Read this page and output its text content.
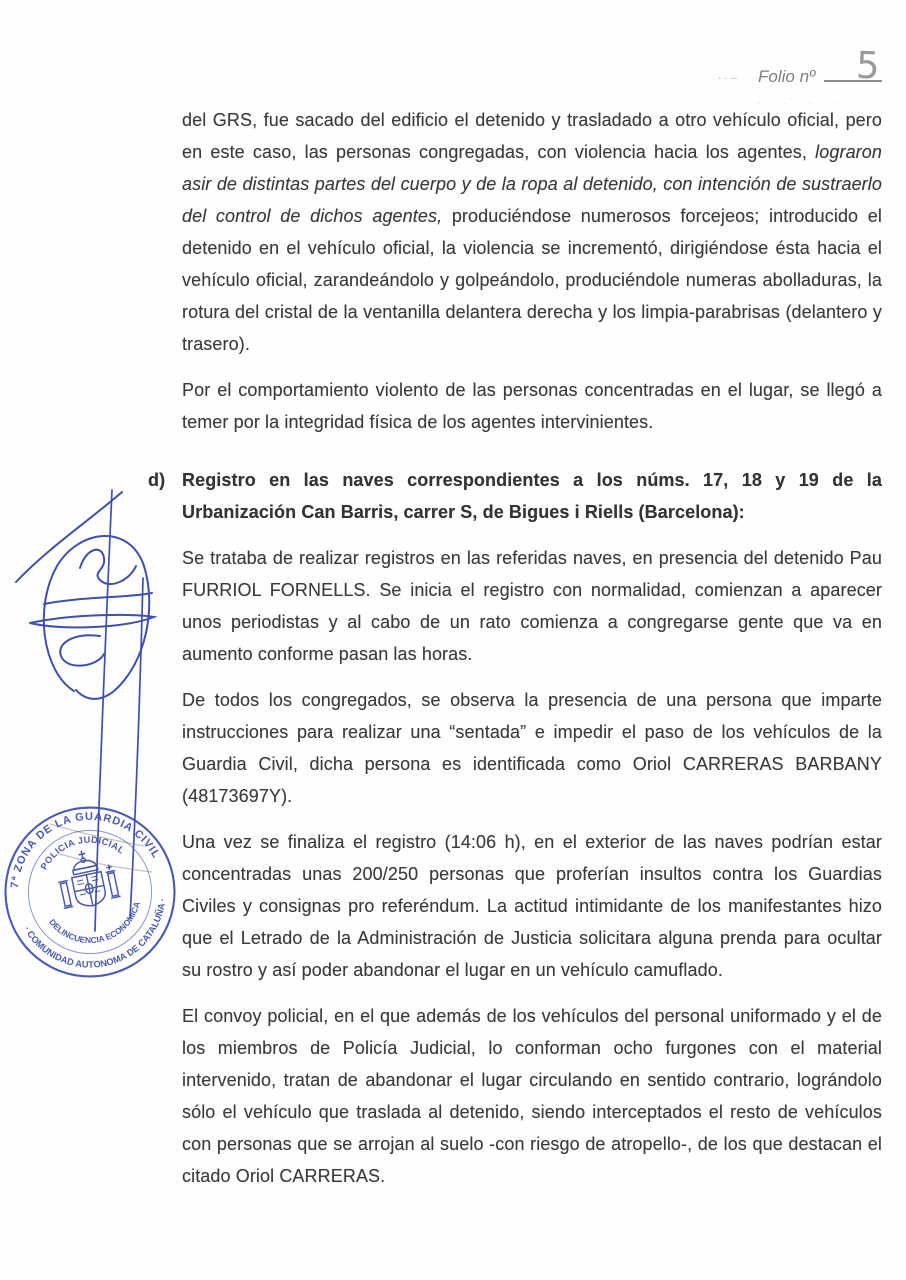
··– Folio nº 5
· · · ·

del GRS, fue sacado del edificio el detenido y trasladado a otro vehículo oficial, pero en este caso, las personas congregadas, con violencia hacia los agentes, lograron asir de distintas partes del cuerpo y de la ropa al detenido, con intención de sustraerlo del control de dichos agentes, produciéndose numerosos forcejeos; introducido el detenido en el vehículo oficial, la violencia se incrementó, dirigiéndose ésta hacia el vehículo oficial, zarandeándolo y golpeándolo, produciéndole numeras abolladuras, la rotura del cristal de la ventanilla delantera derecha y los limpia-parabrisas (delantero y trasero).

Por el comportamiento violento de las personas concentradas en el lugar, se llegó a temer por la integridad física de los agentes intervinientes.

d) Registro en las naves correspondientes a los núms. 17, 18 y 19 de la Urbanización Can Barris, carrer S, de Bigues i Riells (Barcelona):

Se trataba de realizar registros en las referidas naves, en presencia del detenido Pau FURRIOL FORNELLS. Se inicia el registro con normalidad, comienzan a aparecer unos periodistas y al cabo de un rato comienza a congregarse gente que va en aumento conforme pasan las horas.

De todos los congregados, se observa la presencia de una persona que imparte instrucciones para realizar una “sentada” e impedir el paso de los vehículos de la Guardia Civil, dicha persona es identificada como Oriol CARRERAS BARBANY (48173697Y).

Una vez se finaliza el registro (14:06 h), en el exterior de las naves podrían estar concentradas unas 200/250 personas que proferían insultos contra los Guardias Civiles y consignas pro referéndum. La actitud intimidante de los manifestantes hizo que el Letrado de la Administración de Justicia solicitara alguna prenda para ocultar su rostro y así poder abandonar el lugar en un vehículo camuflado.

El convoy policial, en el que además de los vehículos del personal uniformado y el de los miembros de Policía Judicial, lo conforman ocho furgones con el material intervenido, tratan de abandonar el lugar circulando en sentido contrario, lográndolo sólo el vehículo que traslada al detenido, siendo interceptados el resto de vehículos con personas que se arrojan al suelo -con riesgo de atropello-, de los que destacan el citado Oriol CARRERAS.

7ª ZONA DE LA GUARDIA CIVIL
· COMUNIDAD AUTONOMA DE CATALUÑA ·
POLICIA JUDICIAL
DELINCUENCIA ECONOMICA
